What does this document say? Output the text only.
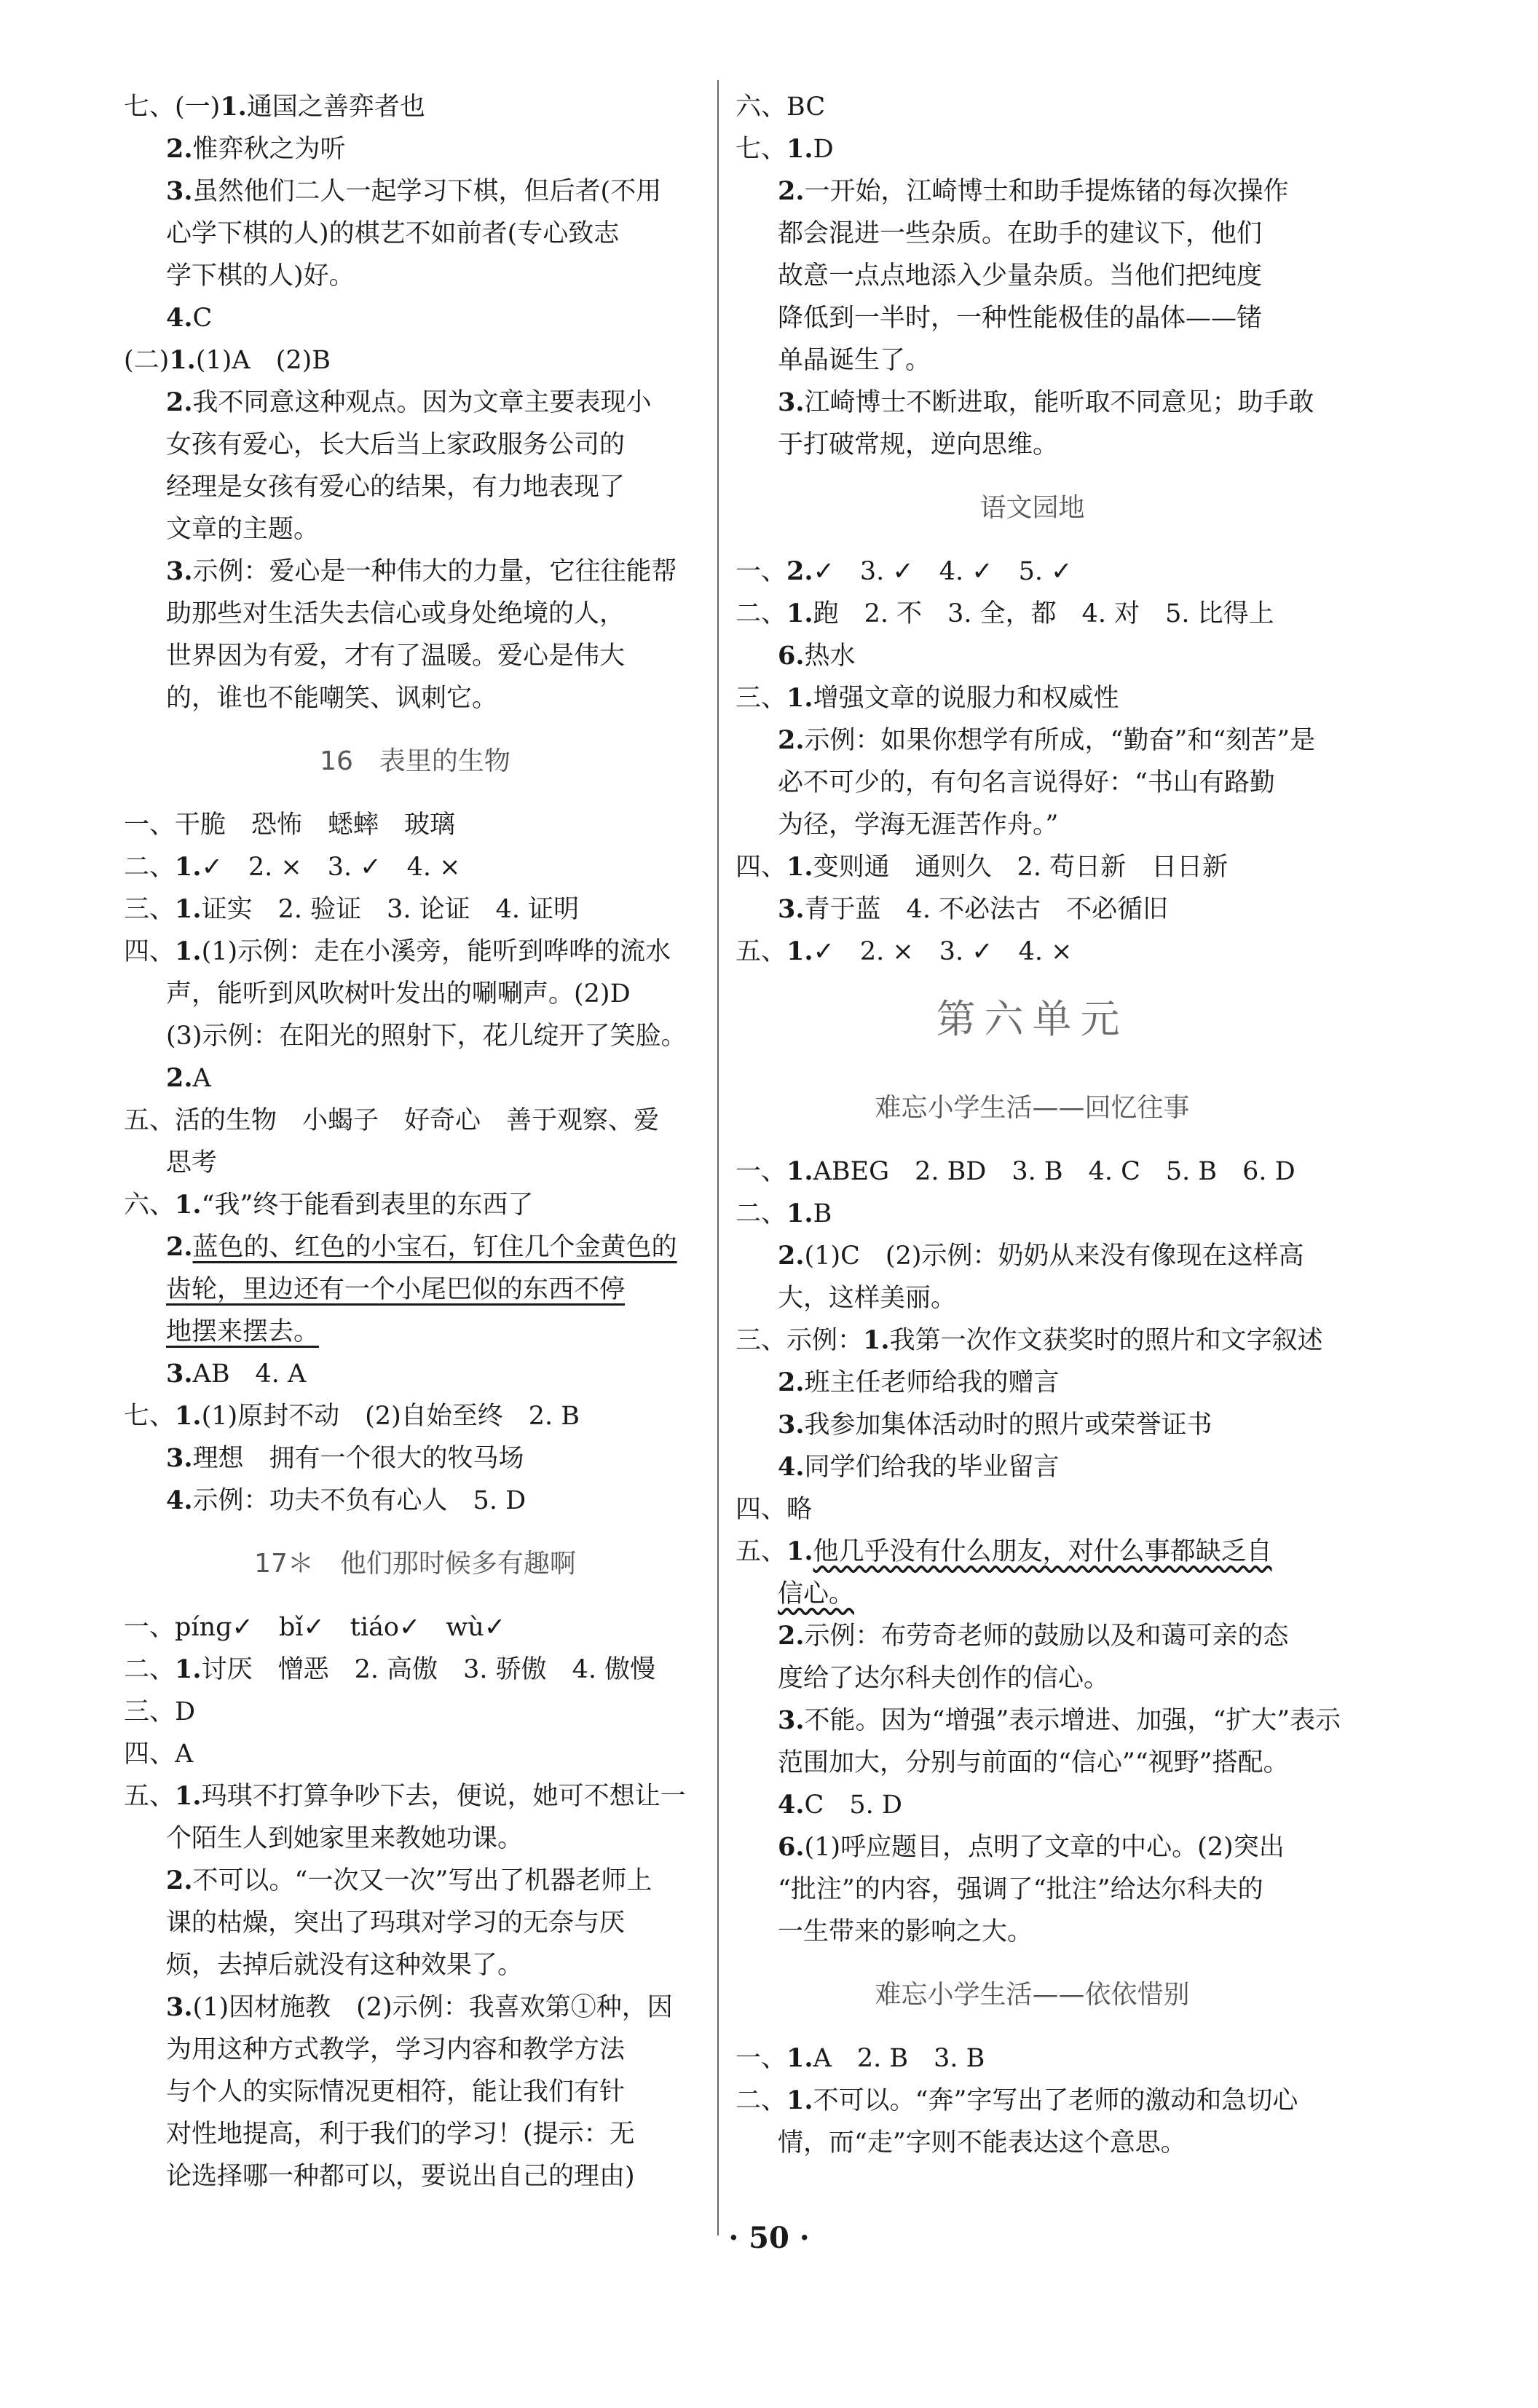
七、(一)1.通国之善弈者也
2.惟弈秋之为听
3.虽然他们二人一起学习下棋，但后者(不用
心学下棋的人)的棋艺不如前者(专心致志
学下棋的人)好。
4.C
(二)1.(1)A　(2)B
2.我不同意这种观点。因为文章主要表现小
女孩有爱心，长大后当上家政服务公司的
经理是女孩有爱心的结果，有力地表现了
文章的主题。
3.示例：爱心是一种伟大的力量，它往往能帮
助那些对生活失去信心或身处绝境的人，
世界因为有爱，才有了温暖。爱心是伟大
的，谁也不能嘲笑、讽刺它。
16　表里的生物
一、干脆　恐怖　蟋蟀　玻璃
二、1.✓　2. ×　3. ✓　4. ×
三、1.证实　2. 验证　3. 论证　4. 证明
四、1.(1)示例：走在小溪旁，能听到哗哗的流水
声，能听到风吹树叶发出的唰唰声。(2)D
(3)示例：在阳光的照射下，花儿绽开了笑脸。
2.A
五、活的生物　小蝎子　好奇心　善于观察、爱
思考
六、1.“我”终于能看到表里的东西了
2.蓝色的、红色的小宝石，钉住几个金黄色的
齿轮，里边还有一个小尾巴似的东西不停
地摆来摆去。
3.AB　4. A
七、1.(1)原封不动　(2)自始至终　2. B
3.理想　拥有一个很大的牧马场
4.示例：功夫不负有心人　5. D
17＊　他们那时候多有趣啊
一、pínɡ✓　bǐ✓　tiáo✓　wù✓
二、1.讨厌　憎恶　2. 高傲　3. 骄傲　4. 傲慢
三、D
四、A
五、1.玛琪不打算争吵下去，便说，她可不想让一
个陌生人到她家里来教她功课。
2.不可以。“一次又一次”写出了机器老师上
课的枯燥，突出了玛琪对学习的无奈与厌
烦，去掉后就没有这种效果了。
3.(1)因材施教　(2)示例：我喜欢第①种，因
为用这种方式教学，学习内容和教学方法
与个人的实际情况更相符，能让我们有针
对性地提高，利于我们的学习！(提示：无
论选择哪一种都可以，要说出自己的理由)
六、BC
七、1.D
2.一开始，江崎博士和助手提炼锗的每次操作
都会混进一些杂质。在助手的建议下，他们
故意一点点地添入少量杂质。当他们把纯度
降低到一半时，一种性能极佳的晶体——锗
单晶诞生了。
3.江崎博士不断进取，能听取不同意见；助手敢
于打破常规，逆向思维。
语文园地
一、2.✓　3. ✓　4. ✓　5. ✓
二、1.跑　2. 不　3. 全，都　4. 对　5. 比得上
6.热水
三、1.增强文章的说服力和权威性
2.示例：如果你想学有所成，“勤奋”和“刻苦”是
必不可少的，有句名言说得好：“书山有路勤
为径，学海无涯苦作舟。”
四、1.变则通　通则久　2. 苟日新　日日新
3.青于蓝　4. 不必法古　不必循旧
五、1.✓　2. ×　3. ✓　4. ×
第六单元
难忘小学生活——回忆往事
一、1.ABEG　2. BD　3. B　4. C　5. B　6. D
二、1.B
2.(1)C　(2)示例：奶奶从来没有像现在这样高
大，这样美丽。
三、示例：1.我第一次作文获奖时的照片和文字叙述
2.班主任老师给我的赠言
3.我参加集体活动时的照片或荣誉证书
4.同学们给我的毕业留言
四、略
五、1.他几乎没有什么朋友，对什么事都缺乏自
信心。
2.示例：布劳奇老师的鼓励以及和蔼可亲的态
度给了达尔科夫创作的信心。
3.不能。因为“增强”表示增进、加强，“扩大”表示
范围加大，分别与前面的“信心”“视野”搭配。
4.C　5. D
6.(1)呼应题目，点明了文章的中心。(2)突出
“批注”的内容，强调了“批注”给达尔科夫的
一生带来的影响之大。
难忘小学生活——依依惜别
一、1.A　2. B　3. B
二、1.不可以。“奔”字写出了老师的激动和急切心
情，而“走”字则不能表达这个意思。
· 50 ·
